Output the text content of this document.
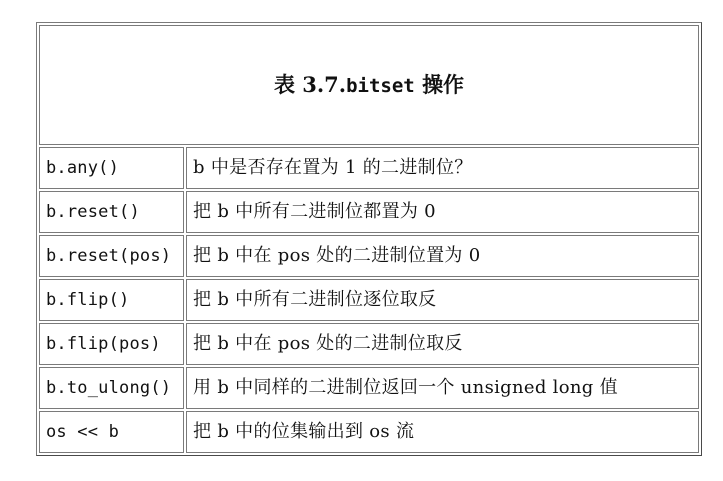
表 3.7.bitset 操作	
b.any()	b 中是否存在置为 1 的二进制位？
b.reset()	把 b 中所有二进制位都置为 0
b.reset(pos)	把 b 中在 pos 处的二进制位置为 0
b.flip()	把 b 中所有二进制位逐位取反
b.flip(pos)	把 b 中在 pos 处的二进制位取反
b.to_ulong()	用 b 中同样的二进制位返回一个 unsigned long 值
os << b	把 b 中的位集输出到 os 流
